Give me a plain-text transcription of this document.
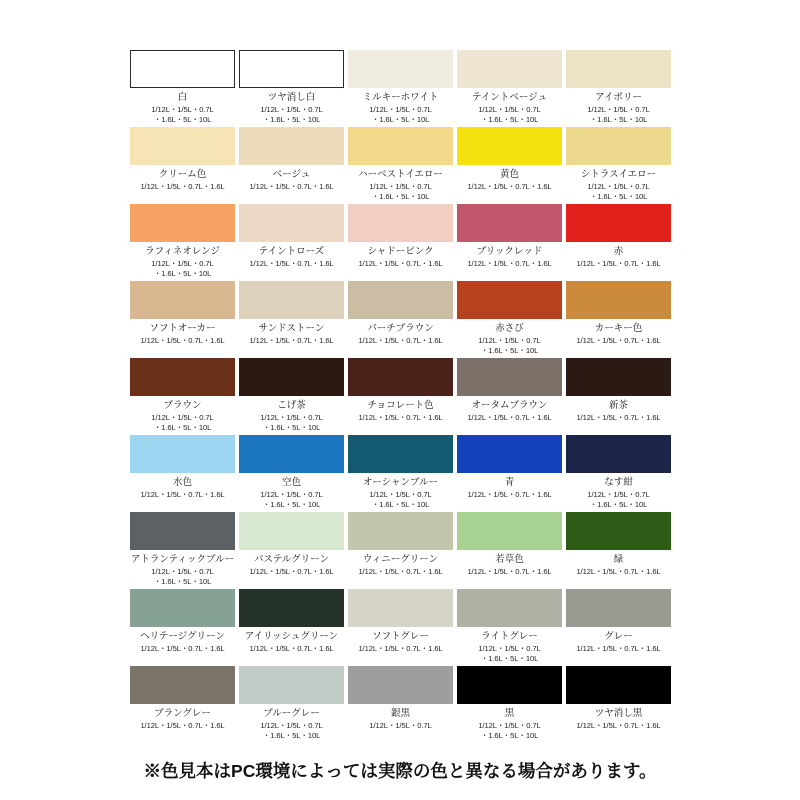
白
1/12L・1/5L・0.7L
・1.6L・5L・10L
ツヤ消し白
1/12L・1/5L・0.7L
・1.6L・5L・10L
ミルキーホワイト
1/12L・1/5L・0.7L
・1.6L・5L・10L
テイントベージュ
1/12L・1/5L・0.7L
・1.6L・5L・10L
アイボリー
1/12L・1/5L・0.7L
・1.6L・5L・10L
クリーム色
1/12L・1/5L・0.7L・1.6L
ベージュ
1/12L・1/5L・0.7L・1.6L
ハーベストイエロー
1/12L・1/5L・0.7L
・1.6L・5L・10L
黄色
1/12L・1/5L・0.7L・1.6L
シトラスイエロー
1/12L・1/5L・0.7L
・1.6L・5L・10L
ラフィネオレンジ
1/12L・1/5L・0.7L
・1.6L・5L・10L
テイントローズ
1/12L・1/5L・0.7L・1.6L
シャドーピンク
1/12L・1/5L・0.7L・1.6L
ブリックレッド
1/12L・1/5L・0.7L・1.6L
赤
1/12L・1/5L・0.7L・1.6L
ソフトオーカー
1/12L・1/5L・0.7L・1.6L
サンドストーン
1/12L・1/5L・0.7L・1.6L
パーチブラウン
1/12L・1/5L・0.7L・1.6L
赤さび
1/12L・1/5L・0.7L
・1.6L・5L・10L
カーキー色
1/12L・1/5L・0.7L・1.6L
ブラウン
1/12L・1/5L・0.7L
・1.6L・5L・10L
こげ茶
1/12L・1/5L・0.7L
・1.6L・5L・10L
チョコレート色
1/12L・1/5L・0.7L・1.6L
オータムブラウン
1/12L・1/5L・0.7L・1.6L
新茶
1/12L・1/5L・0.7L・1.6L
水色
1/12L・1/5L・0.7L・1.6L
空色
1/12L・1/5L・0.7L
・1.6L・5L・10L
オーシャンブルー
1/12L・1/5L・0.7L
・1.6L・5L・10L
青
1/12L・1/5L・0.7L・1.6L
なす紺
1/12L・1/5L・0.7L
・1.6L・5L・10L
アトランティックブルー
1/12L・1/5L・0.7L
・1.6L・5L・10L
パステルグリーン
1/12L・1/5L・0.7L・1.6L
ウィニーグリーン
1/12L・1/5L・0.7L・1.6L
若草色
1/12L・1/5L・0.7L・1.6L
緑
1/12L・1/5L・0.7L・1.6L
ヘリテージグリーン
1/12L・1/5L・0.7L・1.6L
アイリッシュグリーン
1/12L・1/5L・0.7L・1.6L
ソフトグレー
1/12L・1/5L・0.7L・1.6L
ライトグレー
1/12L・1/5L・0.7L
・1.6L・5L・10L
グレー
1/12L・1/5L・0.7L・1.6L
ブラングレー
1/12L・1/5L・0.7L・1.6L
ブルーグレー
1/12L・1/5L・0.7L
・1.6L・5L・10L
銀黒
1/12L・1/5L・0.7L
黒
1/12L・1/5L・0.7L
・1.6L・5L・10L
ツヤ消し黒
1/12L・1/5L・0.7L・1.6L
※色見本はPC環境によっては実際の色と異なる場合があります。
